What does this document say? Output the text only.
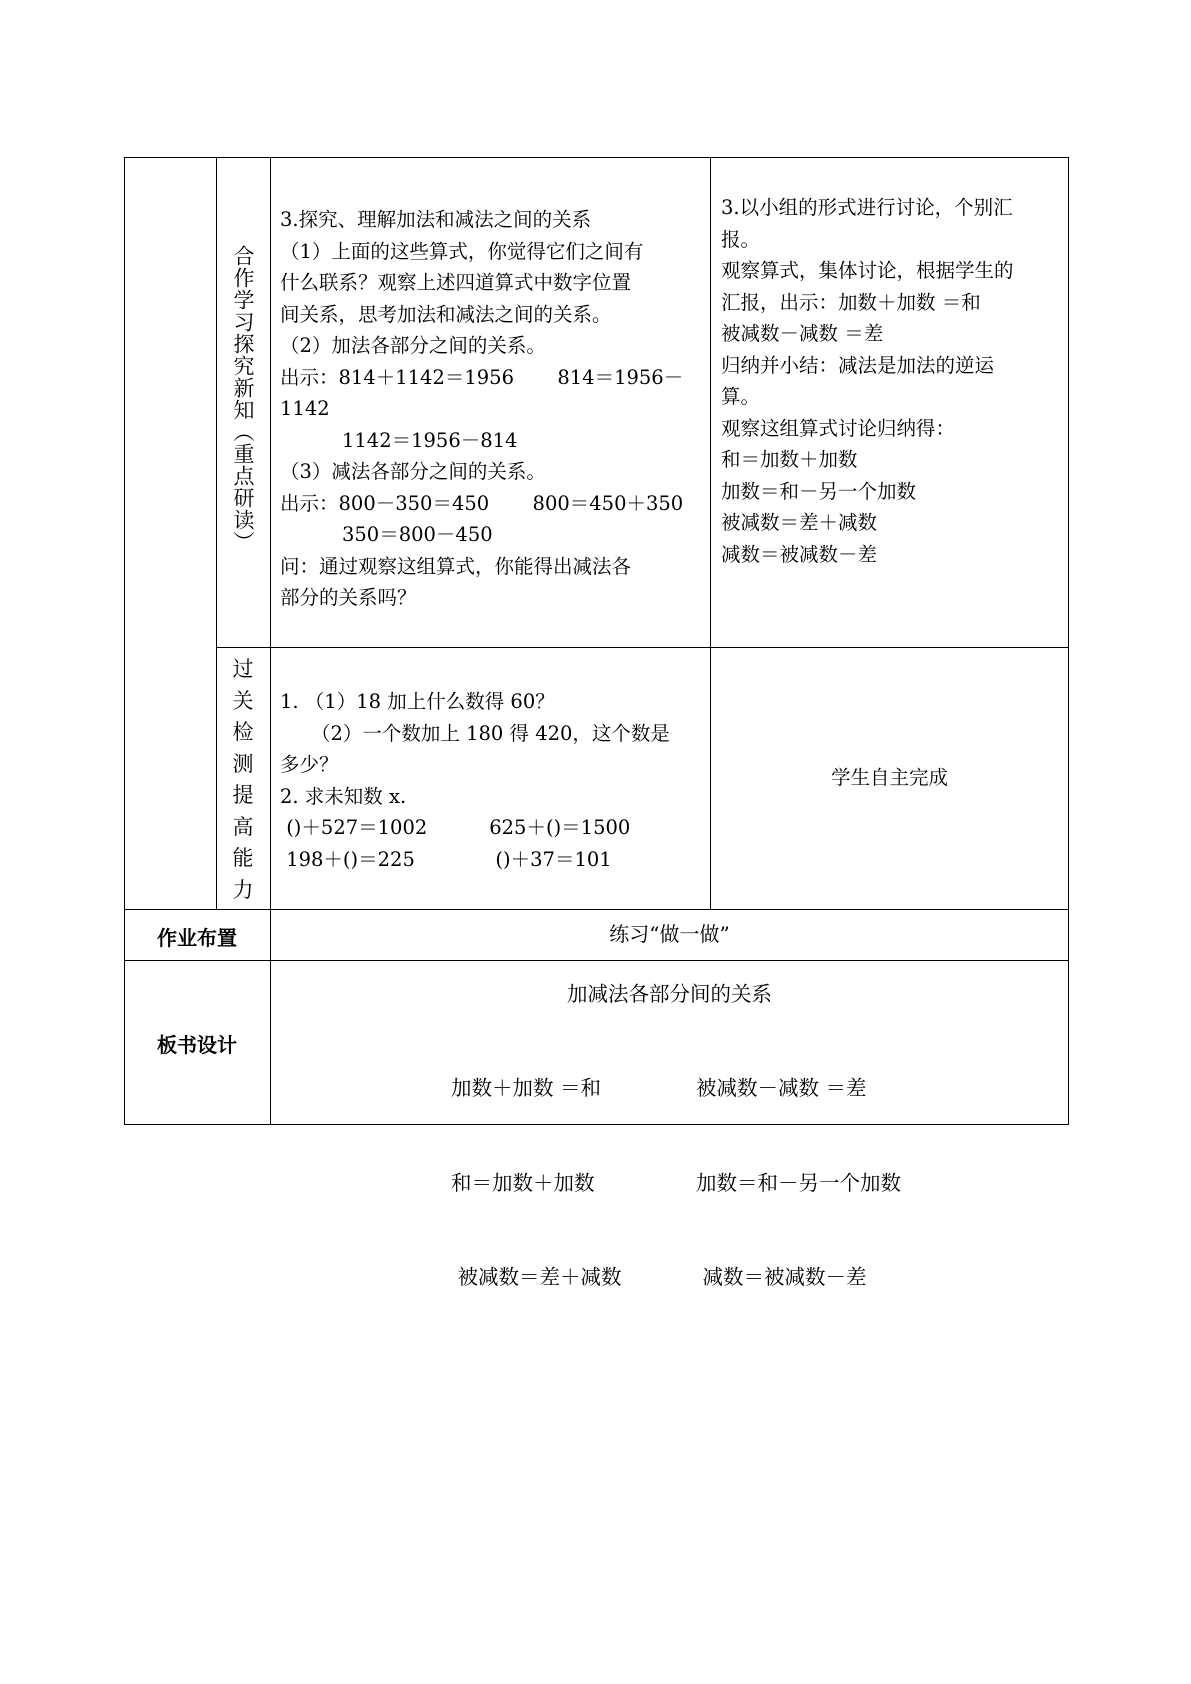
合作学习探究新知（重点研读）
3.探究、理解加法和减法之间的关系
（1）上面的这些算式，你觉得它们之间有
什么联系？观察上述四道算式中数字位置
间关系，思考加法和减法之间的关系。
（2）加法各部分之间的关系。
出示：814＋1142＝1956       814＝1956－
1142
1142＝1956－814
（3）减法各部分之间的关系。
出示：800－350＝450       800＝450＋350
350＝800－450
问：通过观察这组算式，你能得出减法各
部分的关系吗？
3.以小组的形式进行讨论，个别汇
报。
观察算式，集体讨论，根据学生的
汇报，出示：加数＋加数 ＝和
被减数－减数 ＝差
归纳并小结：减法是加法的逆运
算。
观察这组算式讨论归纳得：
和＝加数＋加数
加数＝和－另一个加数
被减数＝差＋减数
减数＝被减数－差
过
关
检
测
提
高
能
力
1. （1）18 加上什么数得 60？
（2）一个数加上 180 得 420，这个数是
多少？
2. 求未知数 x.
()＋527＝1002          625＋()＝1500
198＋()＝225             ()＋37＝101
学生自主完成
作业布置	练习“做一做”
板书设计
加减法各部分间的关系

加数＋加数 ＝和

和＝加数＋加数

被减数＝差＋减数

被减数－减数 ＝差

加数＝和－另一个加数

减数＝被减数－差
